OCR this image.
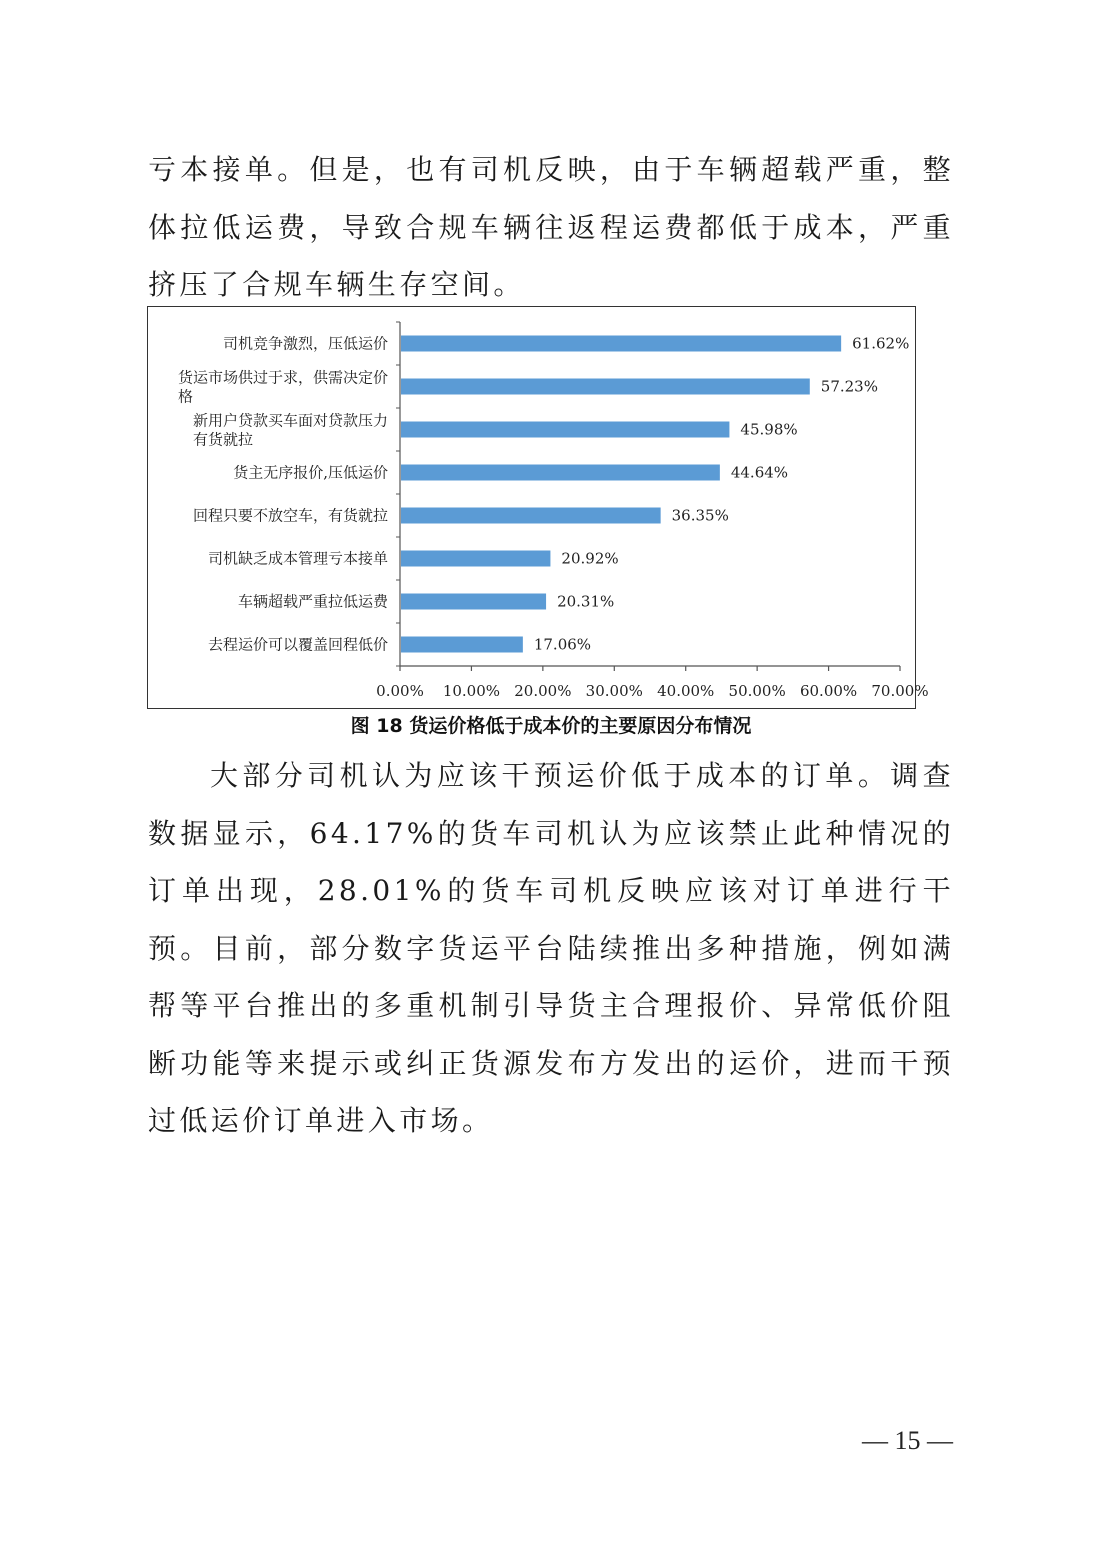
亏本接单。但是，也有司机反映，由于车辆超载严重，整体拉低运费，导致合规车辆往返程运费都低于成本，严重挤压了合规车辆生存空间。

0.00% 10.00% 20.00% 30.00% 40.00% 50.00% 60.00% 70.00%
61.62%
司机竞争激烈，压低运价
57.23%
货运市场供过于求，供需决定价
格
45.98%
新用户贷款买车面对贷款压力
有货就拉
44.64%
货主无序报价,压低运价
36.35%
回程只要不放空车，有货就拉
20.92%
司机缺乏成本管理亏本接单
20.31%
车辆超载严重拉低运费
17.06%
去程运价可以覆盖回程低价

图 18 货运价格低于成本价的主要原因分布情况

大部分司机认为应该干预运价低于成本的订单。调查数据显示，64.17%的货车司机认为应该禁止此种情况的订单出现，28.01%的货车司机反映应该对订单进行干预。目前，部分数字货运平台陆续推出多种措施，例如满帮等平台推出的多重机制引导货主合理报价、异常低价阻断功能等来提示或纠正货源发布方发出的运价，进而干预过低运价订单进入市场。

— 15 —
